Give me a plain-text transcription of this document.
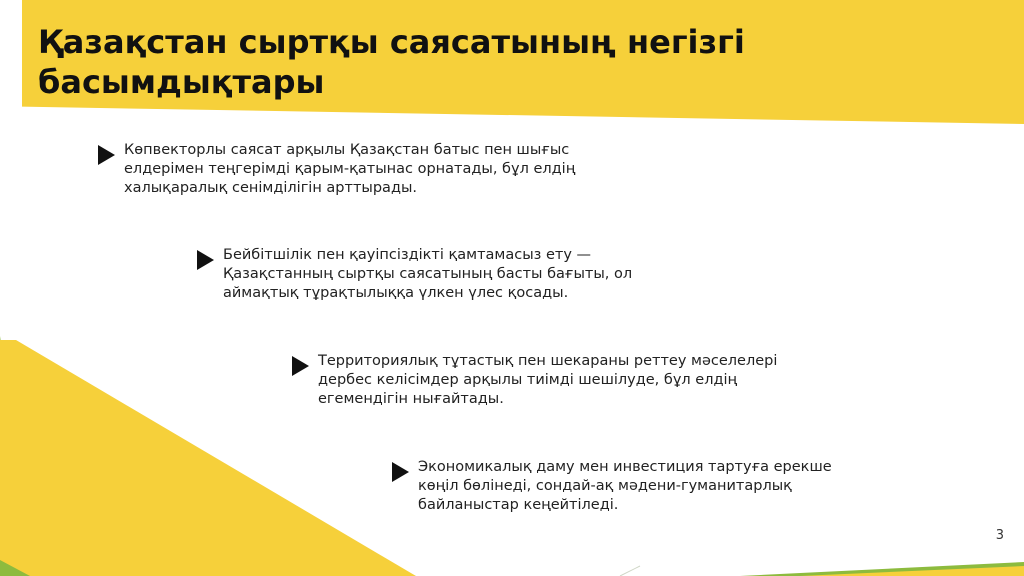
Қазақстан сыртқы саясатының негізгі басымдықтары
Көпвекторлы саясат арқылы Қазақстан батыс пен шығыс елдерімен теңгерімді қарым-қатынас орнатады, бұл елдің халықаралық сенімділігін арттырады.
Бейбітшілік пен қауіпсіздікті қамтамасыз ету — Қазақстанның сыртқы саясатының басты бағыты, ол аймақтық тұрақтылыққа үлкен үлес қосады.
Территориялық тұтастық пен шекараны реттеу мәселелері дербес келісімдер арқылы тиімді шешілуде, бұл елдің егемендігін нығайтады.
Экономикалық даму мен инвестиция тартуға ерекше көңіл бөлінеді, сондай-ақ мәдени-гуманитарлық байланыстар кеңейтіледі.
3
